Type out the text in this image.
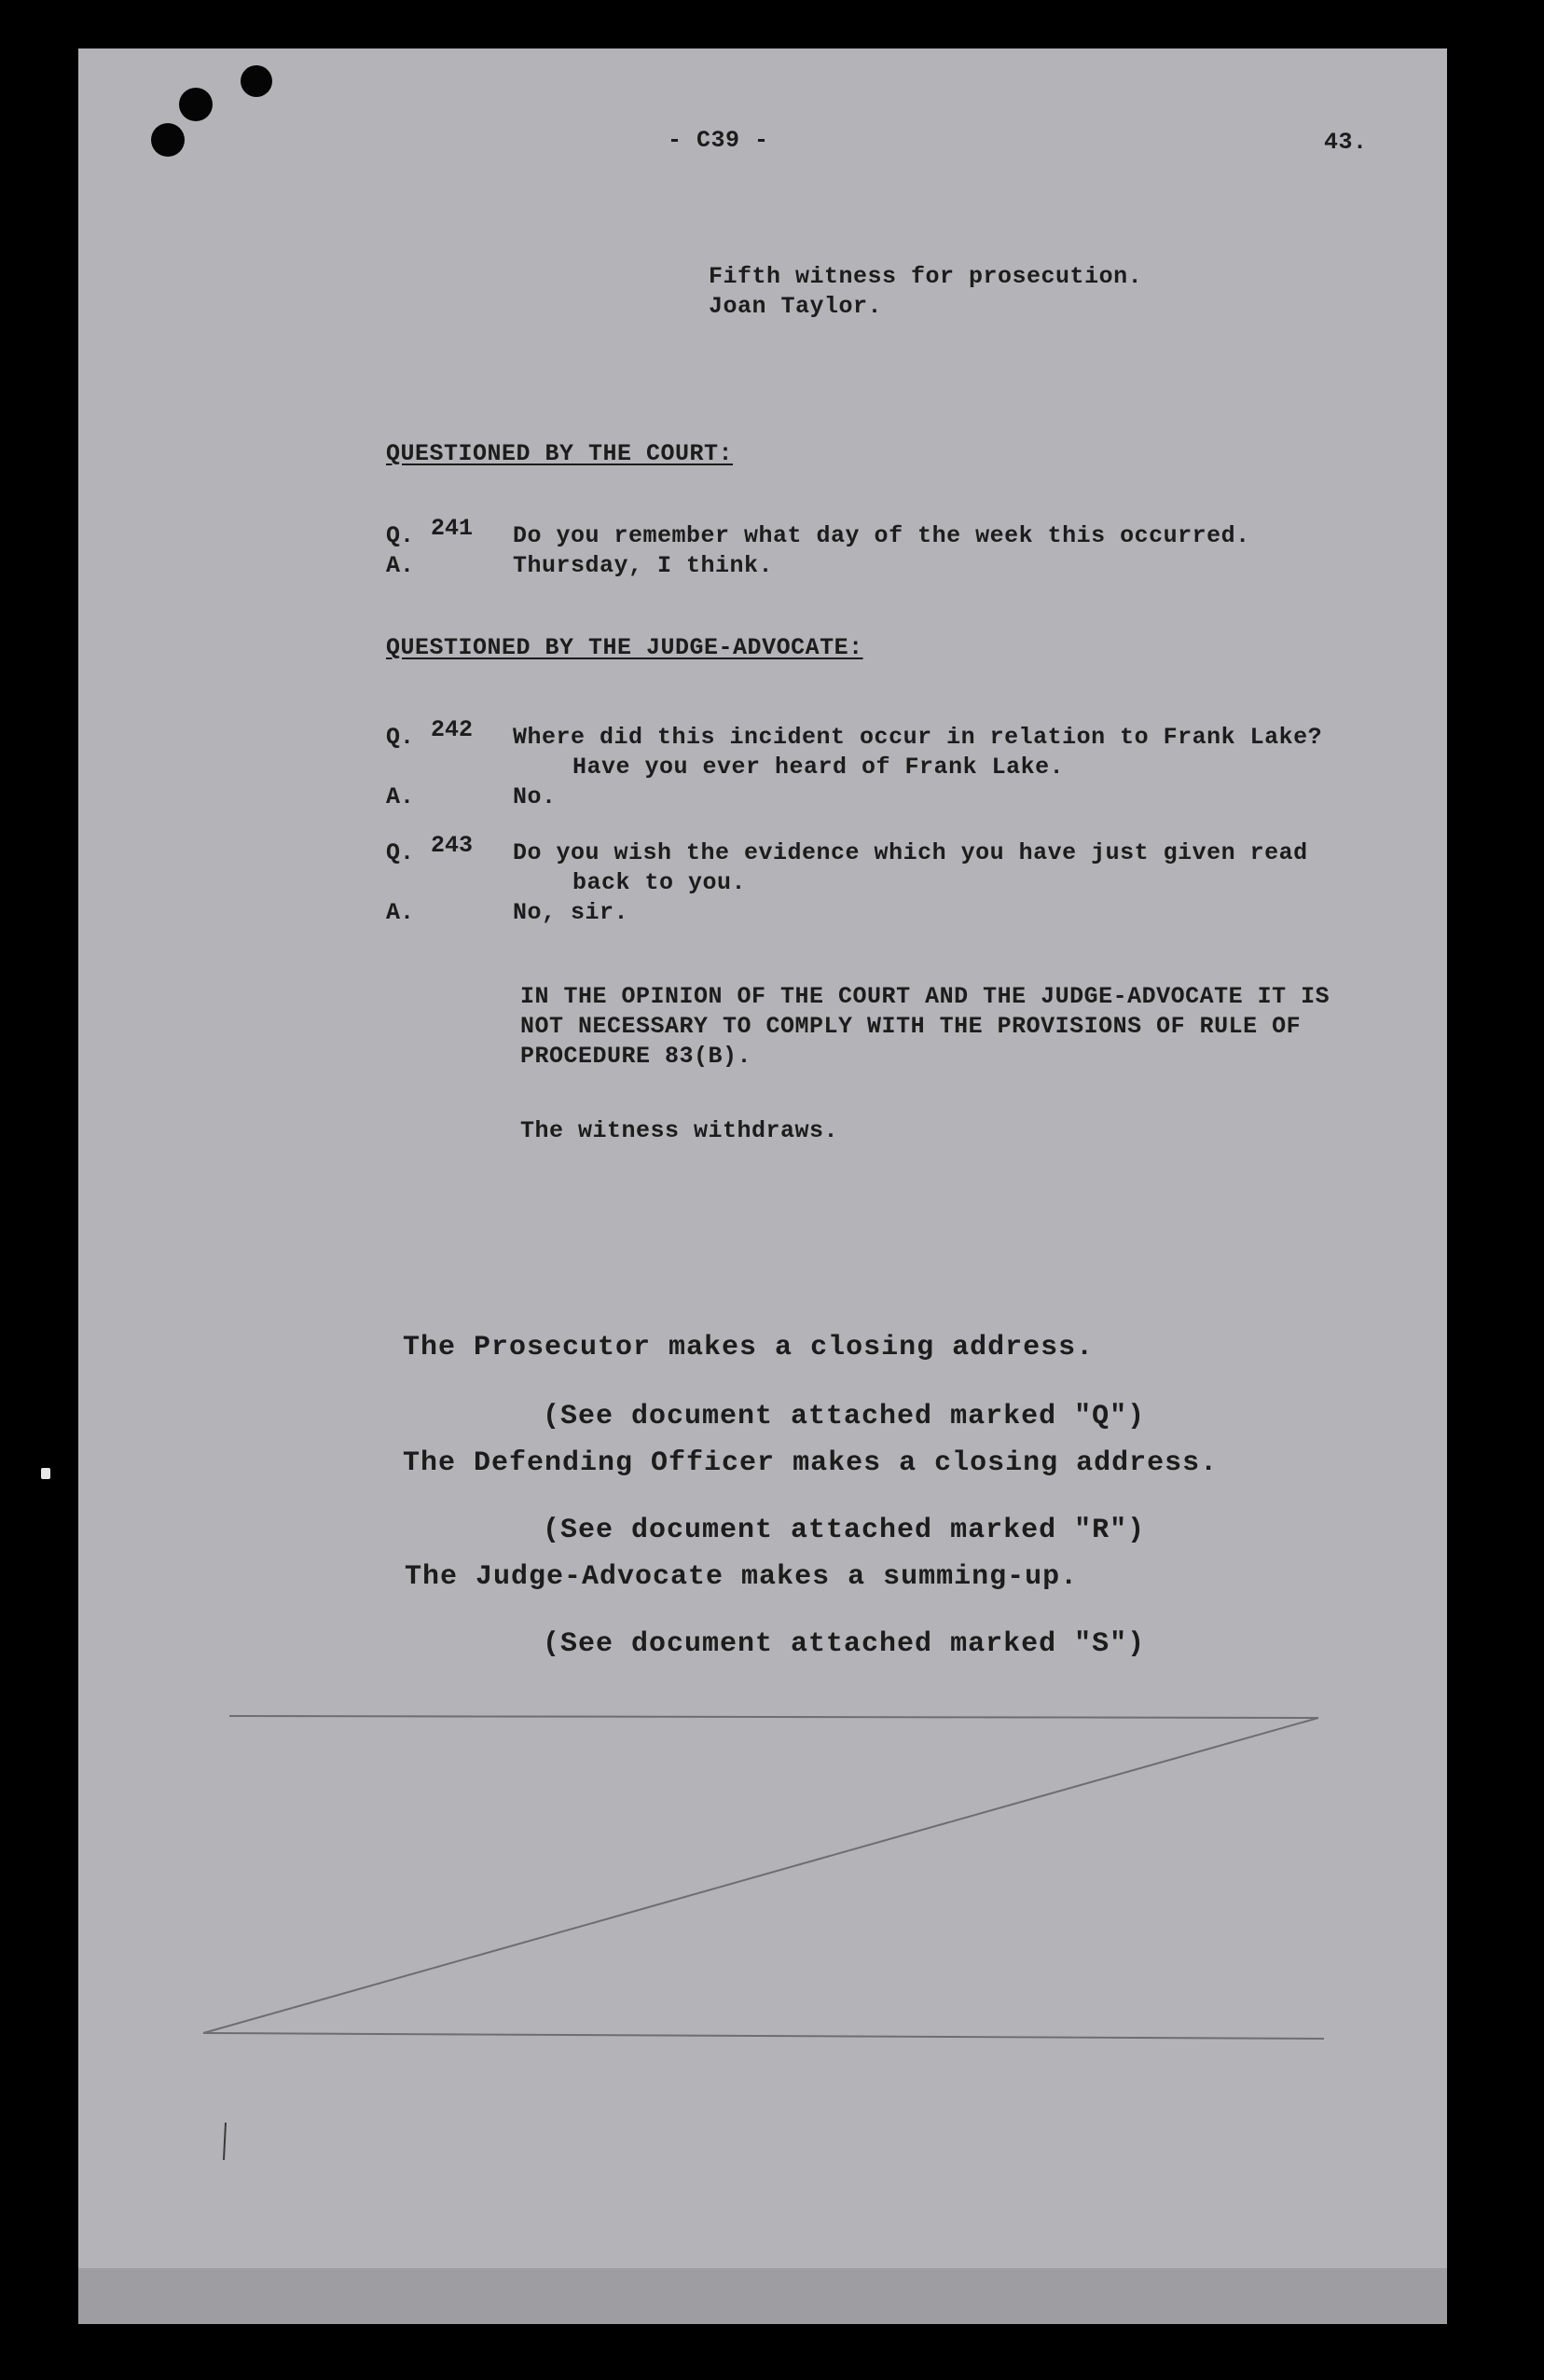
- C39 -	43.
Fifth witness for prosecution.
Joan Taylor.
QUESTIONED BY THE COURT:
Q. 241 Do you remember what day of the week this occurred.
A.	Thursday, I think.
QUESTIONED BY THE JUDGE-ADVOCATE:
Q. 242 Where did this incident occur in relation to Frank Lake?
Have you ever heard of Frank Lake.
A.	No.
Q. 243 Do you wish the evidence which you have just given read
back to you.
A.	No, sir.
IN THE OPINION OF THE COURT AND THE JUDGE-ADVOCATE IT IS
NOT NECESSARY TO COMPLY WITH THE PROVISIONS OF RULE OF
PROCEDURE 83(B).
The witness withdraws.
The Prosecutor makes a closing address.
(See document attached marked "Q")
The Defending Officer makes a closing address.
(See document attached marked "R")
The Judge-Advocate makes a summing-up.
(See document attached marked "S")
